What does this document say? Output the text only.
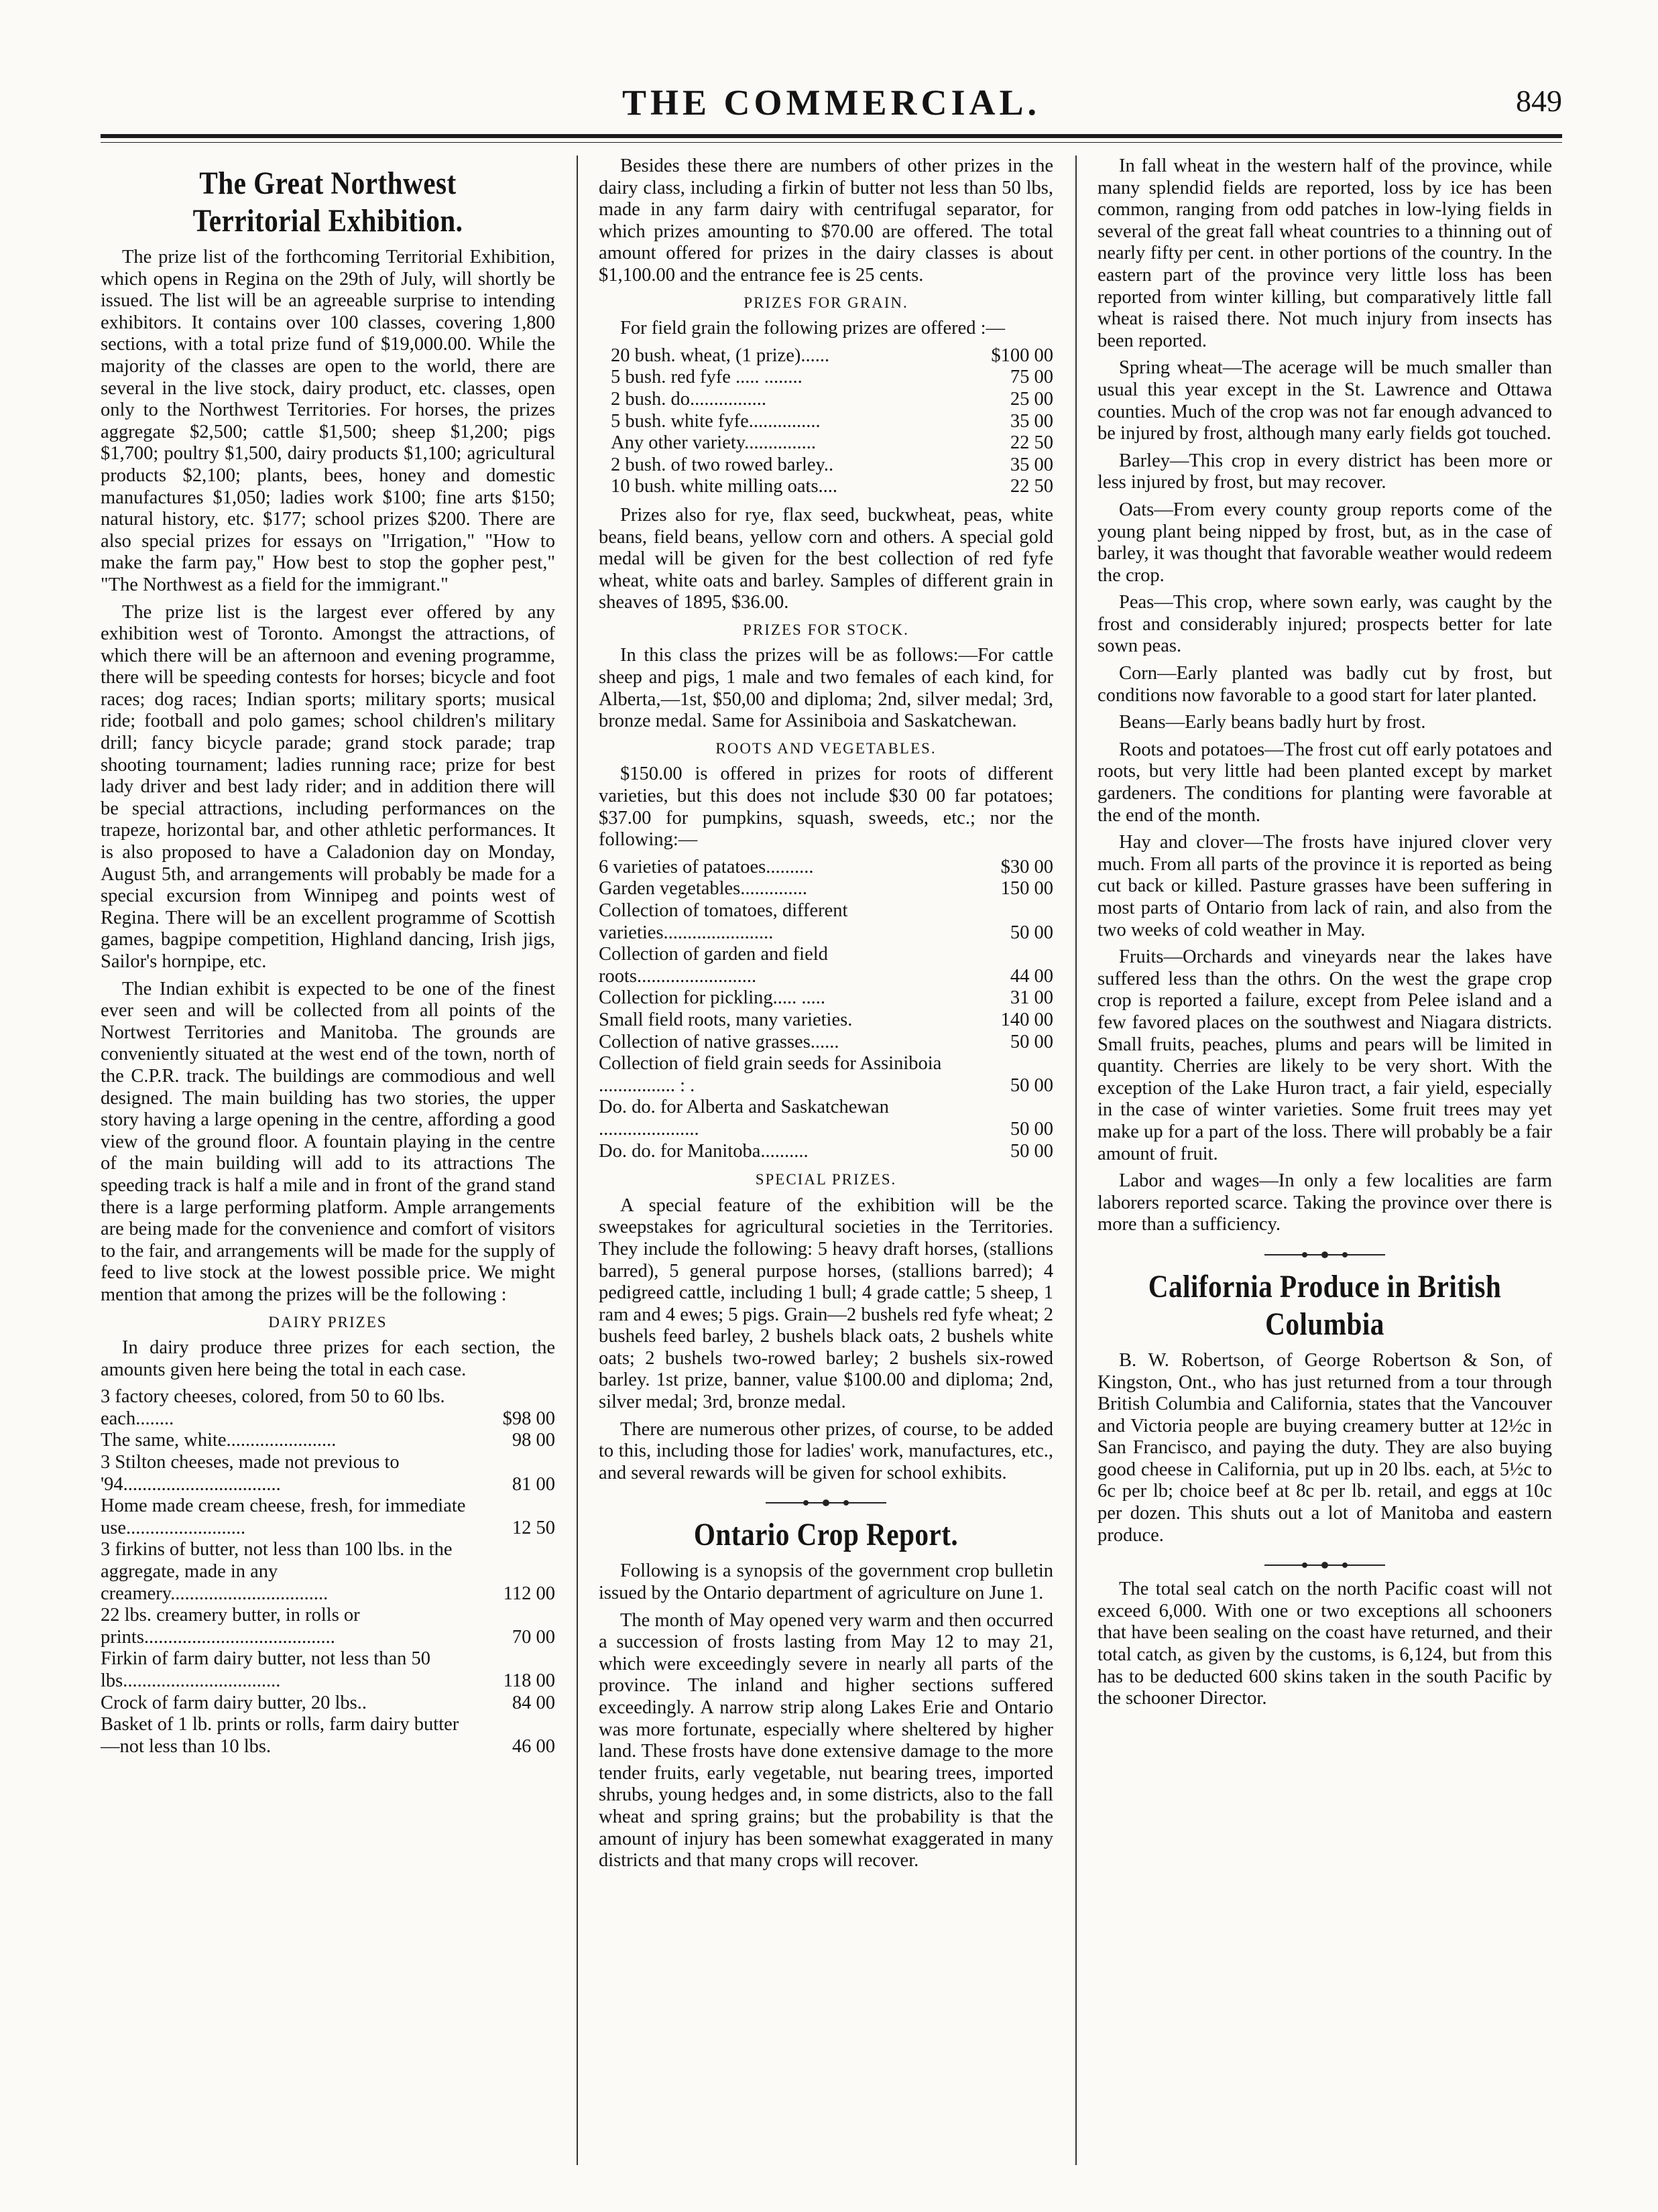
THE COMMERCIAL.	849
The Great Northwest Territorial Exhibition.

The prize list of the forthcoming Territorial Exhibition, which opens in Regina on the 29th of July, will shortly be issued. The list will be an agreeable surprise to intending exhibitors. It contains over 100 classes, covering 1,800 sections, with a total prize fund of $19,000.00. While the majority of the classes are open to the world, there are several in the live stock, dairy product, etc. classes, open only to the Northwest Territories. For horses, the prizes aggregate $2,500; cattle $1,500; sheep $1,200; pigs $1,700; poultry $1,500, dairy products $1,100; agricultural products $2,100; plants, bees, honey and domestic manufactures $1,050; ladies work $100; fine arts $150; natural history, etc. $177; school prizes $200. There are also special prizes for essays on "Irrigation," "How to make the farm pay," How best to stop the gopher pest," "The Northwest as a field for the immigrant."

The prize list is the largest ever offered by any exhibition west of Toronto. Amongst the attractions, of which there will be an afternoon and evening programme, there will be speeding contests for horses; bicycle and foot races; dog races; Indian sports; military sports; musical ride; football and polo games; school children's military drill; fancy bicycle parade; grand stock parade; trap shooting tournament; ladies running race; prize for best lady driver and best lady rider; and in addition there will be special attractions, including performances on the trapeze, horizontal bar, and other athletic performances. It is also proposed to have a Caladonion day on Monday, August 5th, and arrangements will probably be made for a special excursion from Winnipeg and points west of Regina. There will be an excellent programme of Scottish games, bagpipe competition, Highland dancing, Irish jigs, Sailor's hornpipe, etc.

The Indian exhibit is expected to be one of the finest ever seen and will be collected from all points of the Nortwest Territories and Manitoba. The grounds are conveniently situated at the west end of the town, north of the C.P.R. track. The buildings are commodious and well designed. The main building has two stories, the upper story having a large opening in the centre, affording a good view of the ground floor. A fountain playing in the centre of the main building will add to its attractions The speeding track is half a mile and in front of the grand stand there is a large performing platform. Ample arrangements are being made for the convenience and comfort of visitors to the fair, and arrangements will be made for the supply of feed to live stock at the lowest possible price. We might mention that among the prizes will be the following :

DAIRY PRIZES

In dairy produce three prizes for each section, the amounts given here being the total in each case.

3 factory cheeses, colored, from 50 to 60 lbs. each........	$98 00
The same, white.......................	98 00
3 Stilton cheeses, made not previous to '94.................................	81 00
Home made cream cheese, fresh, for immediate use.........................	12 50
3 firkins of butter, not less than 100 lbs. in the aggregate, made in any creamery.................................	112 00
22 lbs. creamery butter, in rolls or prints........................................	70 00
Firkin of farm dairy butter, not less than 50 lbs.................................	118 00
Crock of farm dairy butter, 20 lbs..	84 00
Basket of 1 lb. prints or rolls, farm dairy butter—not less than 10 lbs.	46 00

Besides these there are numbers of other prizes in the dairy class, including a firkin of butter not less than 50 lbs, made in any farm dairy with centrifugal separator, for which prizes amounting to $70.00 are offered. The total amount offered for prizes in the dairy classes is about $1,100.00 and the entrance fee is 25 cents.

PRIZES FOR GRAIN.

For field grain the following prizes are offered :—

20 bush. wheat, (1 prize)......	$100 00
5 bush. red fyfe ..... ........	75 00
2 bush. do................	25 00
5 bush. white fyfe...............	35 00
Any other variety...............	22 50
2 bush. of two rowed barley..	35 00
10 bush. white milling oats....	22 50

Prizes also for rye, flax seed, buckwheat, peas, white beans, field beans, yellow corn and others. A special gold medal will be given for the best collection of red fyfe wheat, white oats and barley. Samples of different grain in sheaves of 1895, $36.00.

PRIZES FOR STOCK.

In this class the prizes will be as follows:—For cattle sheep and pigs, 1 male and two females of each kind, for Alberta,—1st, $50,00 and diploma; 2nd, silver medal; 3rd, bronze medal. Same for Assiniboia and Saskatchewan.

ROOTS AND VEGETABLES.

$150.00 is offered in prizes for roots of different varieties, but this does not include $30 00 far potatoes; $37.00 for pumpkins, squash, sweeds, etc.; nor the following:—

6 varieties of patatoes..........	$30 00
Garden vegetables..............	150 00
Collection of tomatoes, different varieties.......................	50 00
Collection of garden and field roots.........................	44 00
Collection for pickling..... .....	31 00
Small field roots, many varieties.	140 00
Collection of native grasses......	50 00
Collection of field grain seeds for Assiniboia ................ : .	50 00
Do. do. for Alberta and Saskatchewan .....................	50 00
Do. do. for Manitoba..........	50 00
SPECIAL PRIZES.

A special feature of the exhibition will be the sweepstakes for agricultural societies in the Territories. They include the following: 5 heavy draft horses, (stallions barred), 5 general purpose horses, (stallions barred); 4 pedigreed cattle, including 1 bull; 4 grade cattle; 5 sheep, 1 ram and 4 ewes; 5 pigs. Grain—2 bushels red fyfe wheat; 2 bushels feed barley, 2 bushels black oats, 2 bushels white oats; 2 bushels two-rowed barley; 2 bushels six-rowed barley. 1st prize, banner, value $100.00 and diploma; 2nd, silver medal; 3rd, bronze medal.

There are numerous other prizes, of course, to be added to this, including those for ladies' work, manufactures, etc., and several rewards will be given for school exhibits.

Ontario Crop Report.

Following is a synopsis of the government crop bulletin issued by the Ontario department of agriculture on June 1.

The month of May opened very warm and then occurred a succession of frosts lasting from May 12 to may 21, which were exceedingly severe in nearly all parts of the province. The inland and higher sections suffered exceedingly. A narrow strip along Lakes Erie and Ontario was more fortunate, especially where sheltered by higher land. These frosts have done extensive damage to the more tender fruits, early vegetable, nut bearing trees, imported shrubs, young hedges and, in some districts, also to the fall wheat and spring grains; but the probability is that the amount of injury has been somewhat exaggerated in many districts and that many crops will recover.

In fall wheat in the western half of the province, while many splendid fields are reported, loss by ice has been common, ranging from odd patches in low-lying fields in several of the great fall wheat countries to a thinning out of nearly fifty per cent. in other portions of the country. In the eastern part of the province very little loss has been reported from winter killing, but comparatively little fall wheat is raised there. Not much injury from insects has been reported.

Spring wheat—The acerage will be much smaller than usual this year except in the St. Lawrence and Ottawa counties. Much of the crop was not far enough advanced to be injured by frost, although many early fields got touched.

Barley—This crop in every district has been more or less injured by frost, but may recover.

Oats—From every county group reports come of the young plant being nipped by frost, but, as in the case of barley, it was thought that favorable weather would redeem the crop.

Peas—This crop, where sown early, was caught by the frost and considerably injured; prospects better for late sown peas.

Corn—Early planted was badly cut by frost, but conditions now favorable to a good start for later planted.

Beans—Early beans badly hurt by frost.

Roots and potatoes—The frost cut off early potatoes and roots, but very little had been planted except by market gardeners. The conditions for planting were favorable at the end of the month.

Hay and clover—The frosts have injured clover very much. From all parts of the province it is reported as being cut back or killed. Pasture grasses have been suffering in most parts of Ontario from lack of rain, and also from the two weeks of cold weather in May.

Fruits—Orchards and vineyards near the lakes have suffered less than the othrs. On the west the grape crop crop is reported a failure, except from Pelee island and a few favored places on the southwest and Niagara districts. Small fruits, peaches, plums and pears will be limited in quantity. Cherries are likely to be very short. With the exception of the Lake Huron tract, a fair yield, especially in the case of winter varieties. Some fruit trees may yet make up for a part of the loss. There will probably be a fair amount of fruit.

Labor and wages—In only a few localities are farm laborers reported scarce. Taking the province over there is more than a sufficiency.

California Produce in British Columbia

B. W. Robertson, of George Robertson & Son, of Kingston, Ont., who has just returned from a tour through British Columbia and California, states that the Vancouver and Victoria people are buying creamery butter at 12½c in San Francisco, and paying the duty. They are also buying good cheese in California, put up in 20 lbs. each, at 5½c to 6c per lb; choice beef at 8c per lb. retail, and eggs at 10c per dozen. This shuts out a lot of Manitoba and eastern produce.

The total seal catch on the north Pacific coast will not exceed 6,000. With one or two exceptions all schooners that have been sealing on the coast have returned, and their total catch, as given by the customs, is 6,124, but from this has to be deducted 600 skins taken in the south Pacific by the schooner Director.
